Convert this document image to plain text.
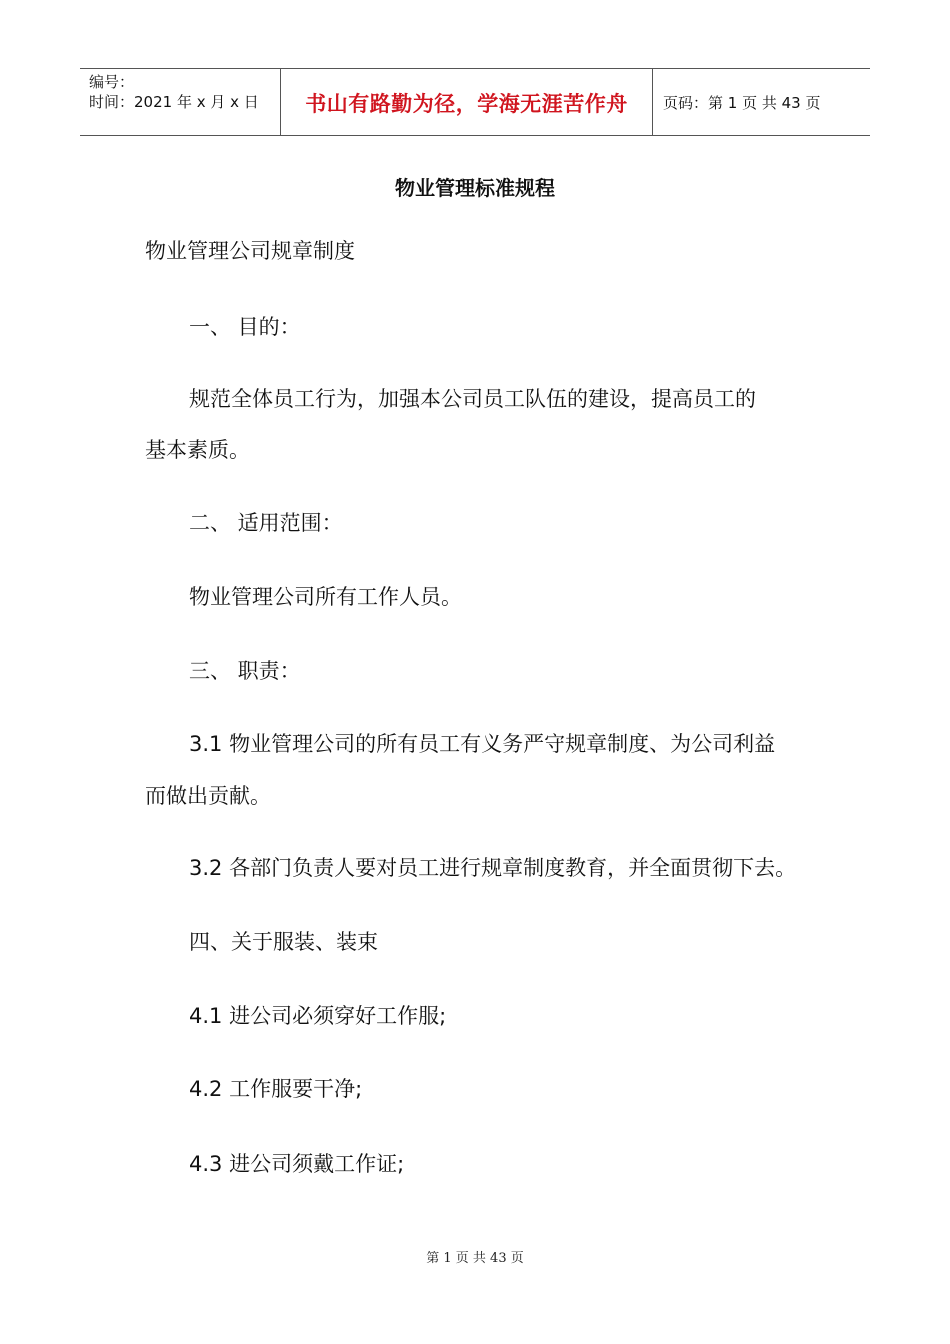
编号：
时间：2021 年 x 月 x 日	书山有路勤为径，学海无涯苦作舟 页码：第 1 页 共 43 页
物业管理标准规程
物业管理公司规章制度
一、 目的：
规范全体员工行为，加强本公司员工队伍的建设，提高员工的
基本素质。
二、 适用范围：
物业管理公司所有工作人员。
三、 职责：
3.1 物业管理公司的所有员工有义务严守规章制度、为公司利益
而做出贡献。
3.2 各部门负责人要对员工进行规章制度教育，并全面贯彻下去。
四、关于服装、装束
4.1 进公司必须穿好工作服;
4.2 工作服要干净;
4.3 进公司须戴工作证;
第 1 页 共 43 页
